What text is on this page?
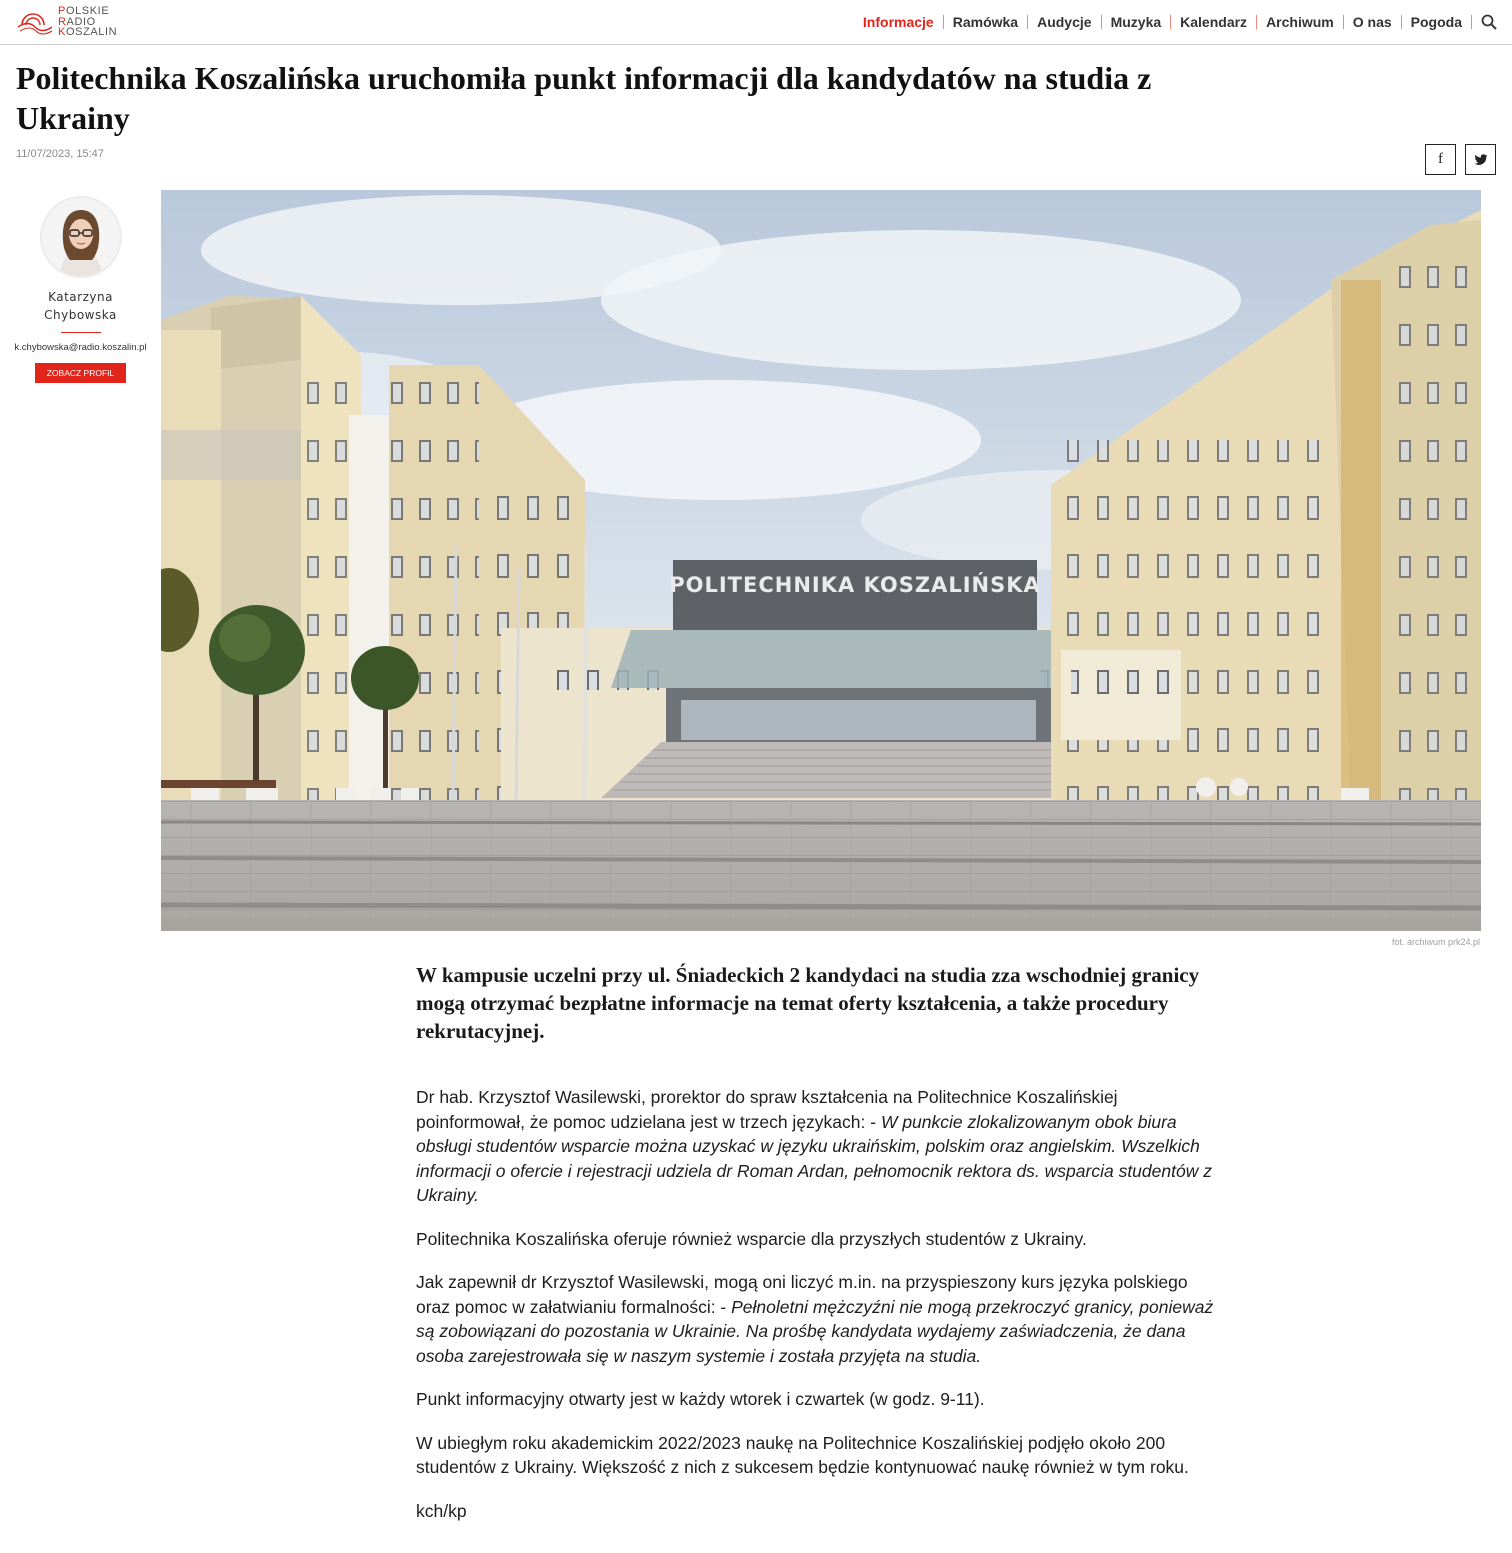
POLSKIE
RADIO
KOSZALIN
Informacje	Ramówka	Audycje	Muzyka	Kalendarz	Archiwum	O nas	Pogoda
Politechnika Koszalińska uruchomiła punkt informacji dla kandydatów na studia z Ukrainy
11/07/2023, 15:47	f
Katarzyna
Chybowska
k.chybowska@radio.koszalin.pl
ZOBACZ PROFIL
POLITECHNIKA KOSZALIŃSKA
fot. archiwum prk24.pl

W kampusie uczelni przy ul. Śniadeckich 2 kandydaci na studia zza wschodniej granicy mogą otrzymać bezpłatne informacje na temat oferty kształcenia, a także procedury rekrutacyjnej.

Dr hab. Krzysztof Wasilewski, prorektor do spraw kształcenia na Politechnice Koszalińskiej poinformował, że pomoc udzielana jest w trzech językach: - W punkcie zlokalizowanym obok biura obsługi studentów wsparcie można uzyskać w języku ukraińskim, polskim oraz angielskim. Wszelkich informacji o ofercie i rejestracji udziela dr Roman Ardan, pełnomocnik rektora ds. wsparcia studentów z Ukrainy.

Politechnika Koszalińska oferuje również wsparcie dla przyszłych studentów z Ukrainy.

Jak zapewnił dr Krzysztof Wasilewski, mogą oni liczyć m.in. na przyspieszony kurs języka polskiego oraz pomoc w załatwianiu formalności: - Pełnoletni mężczyźni nie mogą przekroczyć granicy, ponieważ są zobowiązani do pozostania w Ukrainie. Na prośbę kandydata wydajemy zaświadczenia, że dana osoba zarejestrowała się w naszym systemie i została przyjęta na studia.

Punkt informacyjny otwarty jest w każdy wtorek i czwartek (w godz. 9-11).

W ubiegłym roku akademickim 2022/2023 naukę na Politechnice Koszalińskiej podjęło około 200 studentów z Ukrainy. Większość z nich z sukcesem będzie kontynuować naukę również w tym roku.

kch/kp
